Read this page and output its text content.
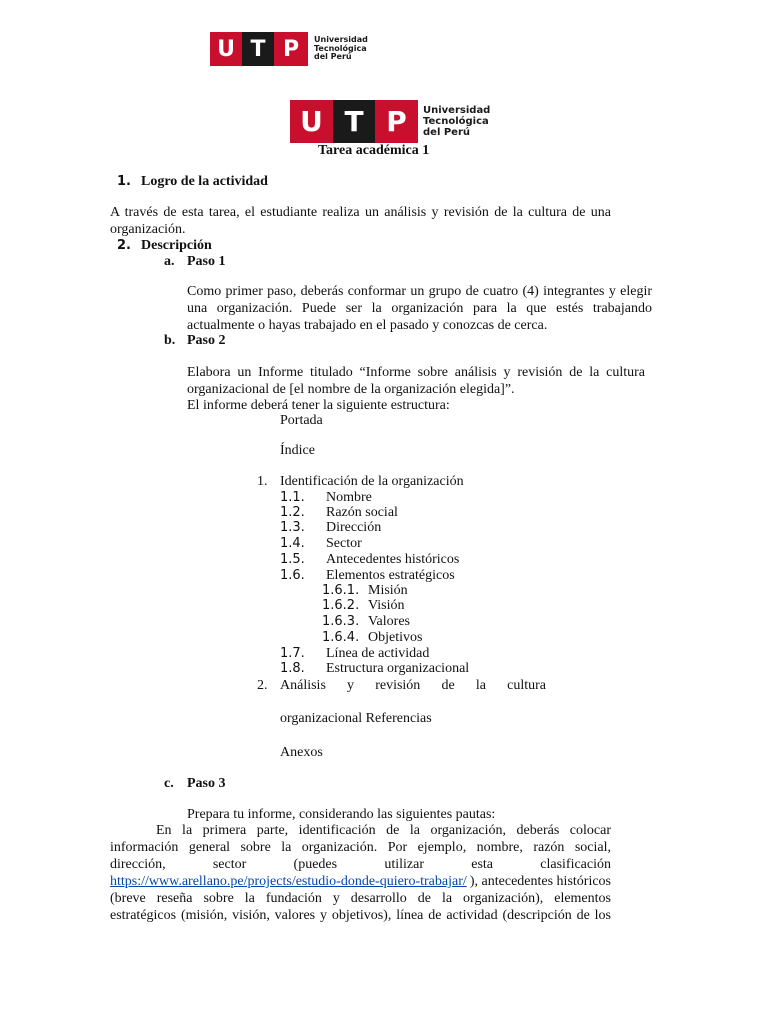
U T P	Universidad
Tecnológica
del Perú
U T P	Universidad
Tecnológica
del Perú
Tarea académica 1
1. Logro de la actividad
A través de esta tarea, el estudiante realiza un análisis y revisión de la cultura de una
organización.
2. Descripción
a. Paso 1
Como primer paso, deberás conformar un grupo de cuatro (4) integrantes y elegir
una organización. Puede ser la organización para la que estés trabajando
actualmente o hayas trabajado en el pasado y conozcas de cerca.
b. Paso 2
Elabora un Informe titulado “Informe sobre análisis y revisión de la cultura
organizacional de [el nombre de la organización elegida]”.
El informe deberá tener la siguiente estructura:
Portada
Índice
1. Identificación de la organización
1.1. Nombre
1.2. Razón social
1.3. Dirección
1.4. Sector
1.5. Antecedentes históricos
1.6. Elementos estratégicos
1.6.1. Misión
1.6.2. Visión
1.6.3. Valores
1.6.4. Objetivos
1.7. Línea de actividad
1.8. Estructura organizacional
2. Análisis y revisión de la cultura
organizacional Referencias
Anexos
c. Paso 3
Prepara tu informe, considerando las siguientes pautas:
En la primera parte, identificación de la organización, deberás colocar
información general sobre la organización. Por ejemplo, nombre, razón social,
dirección,	sector	(puedes	utilizar	esta	clasificación
https://www.arellano.pe/projects/estudio-donde-quiero-trabajar/ ), antecedentes históricos
(breve reseña sobre la fundación y desarrollo de la organización), elementos
estratégicos (misión, visión, valores y objetivos), línea de actividad (descripción de los
